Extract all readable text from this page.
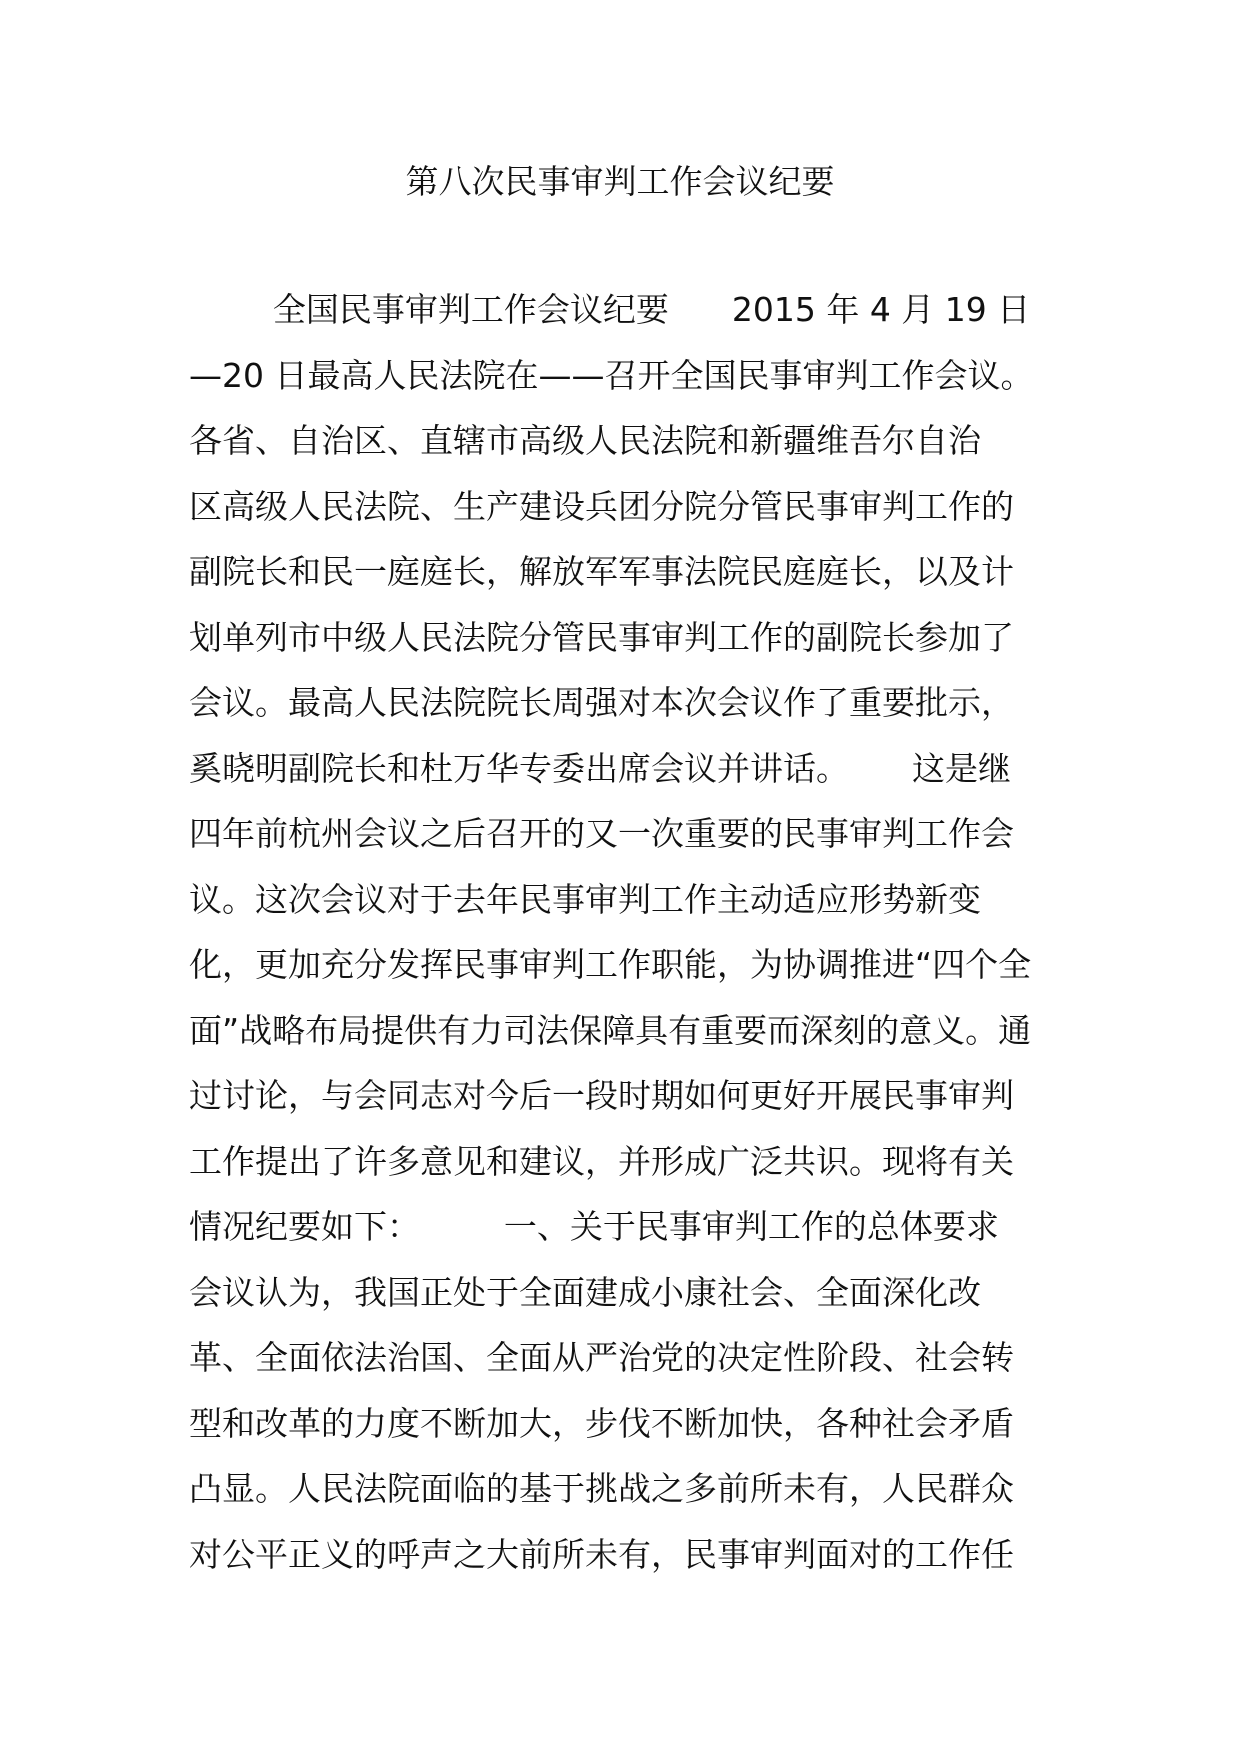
第八次民事审判工作会议纪要
全国民事审判工作会议纪要      2015 年 4 月 19 日
—20 日最高人民法院在——召开全国民事审判工作会议。
各省、自治区、直辖市高级人民法院和新疆维吾尔自治
区高级人民法院、生产建设兵团分院分管民事审判工作的
副院长和民一庭庭长，解放军军事法院民庭庭长，以及计
划单列市中级人民法院分管民事审判工作的副院长参加了
会议。最高人民法院院长周强对本次会议作了重要批示，
奚晓明副院长和杜万华专委出席会议并讲话。      这是继
四年前杭州会议之后召开的又一次重要的民事审判工作会
议。这次会议对于去年民事审判工作主动适应形势新变
化，更加充分发挥民事审判工作职能，为协调推进“四个全
面”战略布局提供有力司法保障具有重要而深刻的意义。通
过讨论，与会同志对今后一段时期如何更好开展民事审判
工作提出了许多意见和建议，并形成广泛共识。现将有关
情况纪要如下：        一、关于民事审判工作的总体要求
会议认为，我国正处于全面建成小康社会、全面深化改
革、全面依法治国、全面从严治党的决定性阶段、社会转
型和改革的力度不断加大，步伐不断加快，各种社会矛盾
凸显。人民法院面临的基于挑战之多前所未有，人民群众
对公平正义的呼声之大前所未有，民事审判面对的工作任
